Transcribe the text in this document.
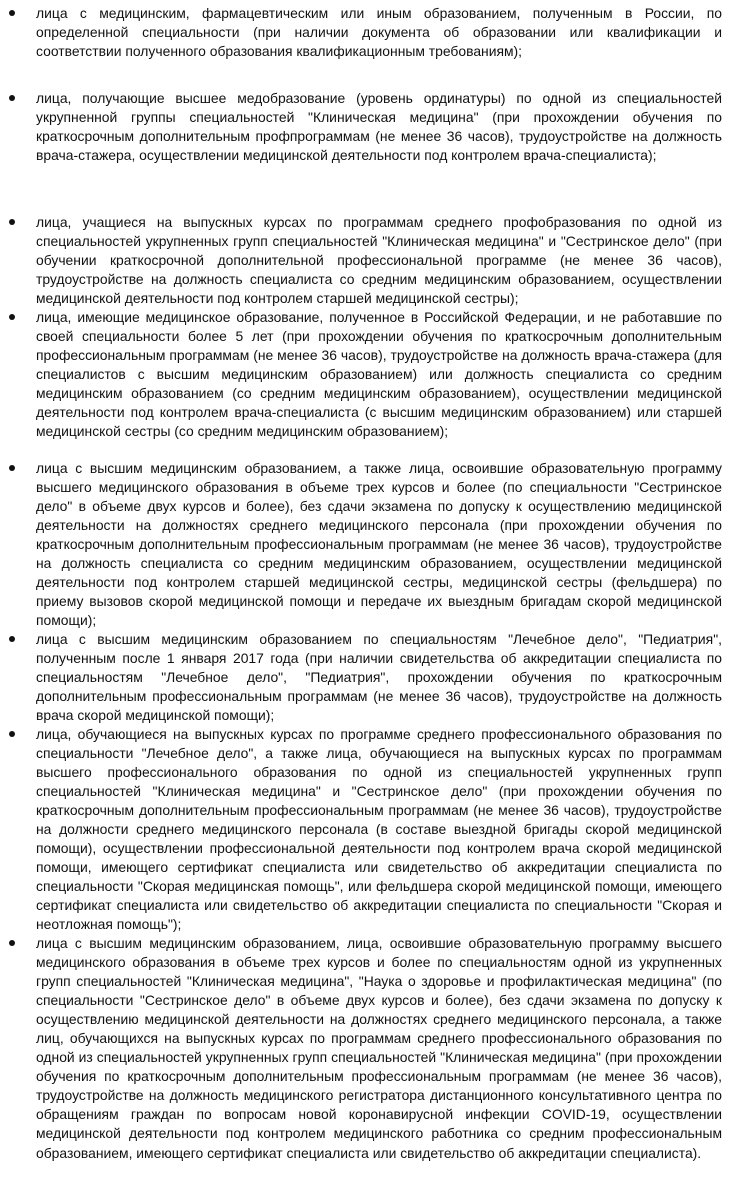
лица с медицинским, фармацевтическим или иным образованием, полученным в России, по определенной специальности (при наличии документа об образовании или квалификации и соответствии полученного образования квалификационным требованиям);

лица, получающие высшее медобразование (уровень ординатуры) по одной из специальностей укрупненной группы специальностей "Клиническая медицина" (при прохождении обучения по краткосрочным дополнительным профпрограммам (не менее 36 часов), трудоустройстве на должность врача-стажера, осуществлении медицинской деятельности под контролем врача-специалиста);

лица, учащиеся на выпускных курсах по программам среднего профобразования по одной из специальностей укрупненных групп специальностей "Клиническая медицина" и "Сестринское дело" (при обучении краткосрочной дополнительной профессиональной программе (не менее 36 часов), трудоустройстве на должность специалиста со средним медицинским образованием, осуществлении медицинской деятельности под контролем старшей медицинской сестры);

лица, имеющие медицинское образование, полученное в Российской Федерации, и не работавшие по своей специальности более 5 лет (при прохождении обучения по краткосрочным дополнительным профессиональным программам (не менее 36 часов), трудоустройстве на должность врача-стажера (для специалистов с высшим медицинским образованием) или должность специалиста со средним медицинским образованием (со средним медицинским образованием), осуществлении медицинской деятельности под контролем врача-специалиста (с высшим медицинским образованием) или старшей медицинской сестры (со средним медицинским образованием);

лица с высшим медицинским образованием, а также лица, освоившие образовательную программу высшего медицинского образования в объеме трех курсов и более (по специальности "Сестринское дело" в объеме двух курсов и более), без сдачи экзамена по допуску к осуществлению медицинской деятельности на должностях среднего медицинского персонала (при прохождении обучения по краткосрочным дополнительным профессиональным программам (не менее 36 часов), трудоустройстве на должность специалиста со средним медицинским образованием, осуществлении медицинской деятельности под контролем старшей медицинской сестры, медицинской сестры (фельдшера) по приему вызовов скорой медицинской помощи и передаче их выездным бригадам скорой медицинской помощи);

лица с высшим медицинским образованием по специальностям "Лечебное дело", "Педиатрия", полученным после 1 января 2017 года (при наличии свидетельства об аккредитации специалиста по специальностям "Лечебное дело", "Педиатрия", прохождении обучения по краткосрочным дополнительным профессиональным программам (не менее 36 часов), трудоустройстве на должность врача скорой медицинской помощи);

лица, обучающиеся на выпускных курсах по программе среднего профессионального образования по специальности "Лечебное дело", а также лица, обучающиеся на выпускных курсах по программам высшего профессионального образования по одной из специальностей укрупненных групп специальностей "Клиническая медицина" и "Сестринское дело" (при прохождении обучения по краткосрочным дополнительным профессиональным программам (не менее 36 часов), трудоустройстве на должности среднего медицинского персонала (в составе выездной бригады скорой медицинской помощи), осуществлении профессиональной деятельности под контролем врача скорой медицинской помощи, имеющего сертификат специалиста или свидетельство об аккредитации специалиста по специальности "Скорая медицинская помощь", или фельдшера скорой медицинской помощи, имеющего сертификат специалиста или свидетельство об аккредитации специалиста по специальности "Скорая и неотложная помощь");

лица с высшим медицинским образованием, лица, освоившие образовательную программу высшего медицинского образования в объеме трех курсов и более по специальностям одной из укрупненных групп специальностей "Клиническая медицина", "Наука о здоровье и профилактическая медицина" (по специальности "Сестринское дело" в объеме двух курсов и более), без сдачи экзамена по допуску к осуществлению медицинской деятельности на должностях среднего медицинского персонала, а также лиц, обучающихся на выпускных курсах по программам среднего профессионального образования по одной из специальностей укрупненных групп специальностей "Клиническая медицина" (при прохождении обучения по краткосрочным дополнительным профессиональным программам (не менее 36 часов), трудоустройстве на должность медицинского регистратора дистанционного консультативного центра по обращениям граждан по вопросам новой коронавирусной инфекции COVID-19, осуществлении медицинской деятельности под контролем медицинского работника со средним профессиональным образованием, имеющего сертификат специалиста или свидетельство об аккредитации специалиста).
